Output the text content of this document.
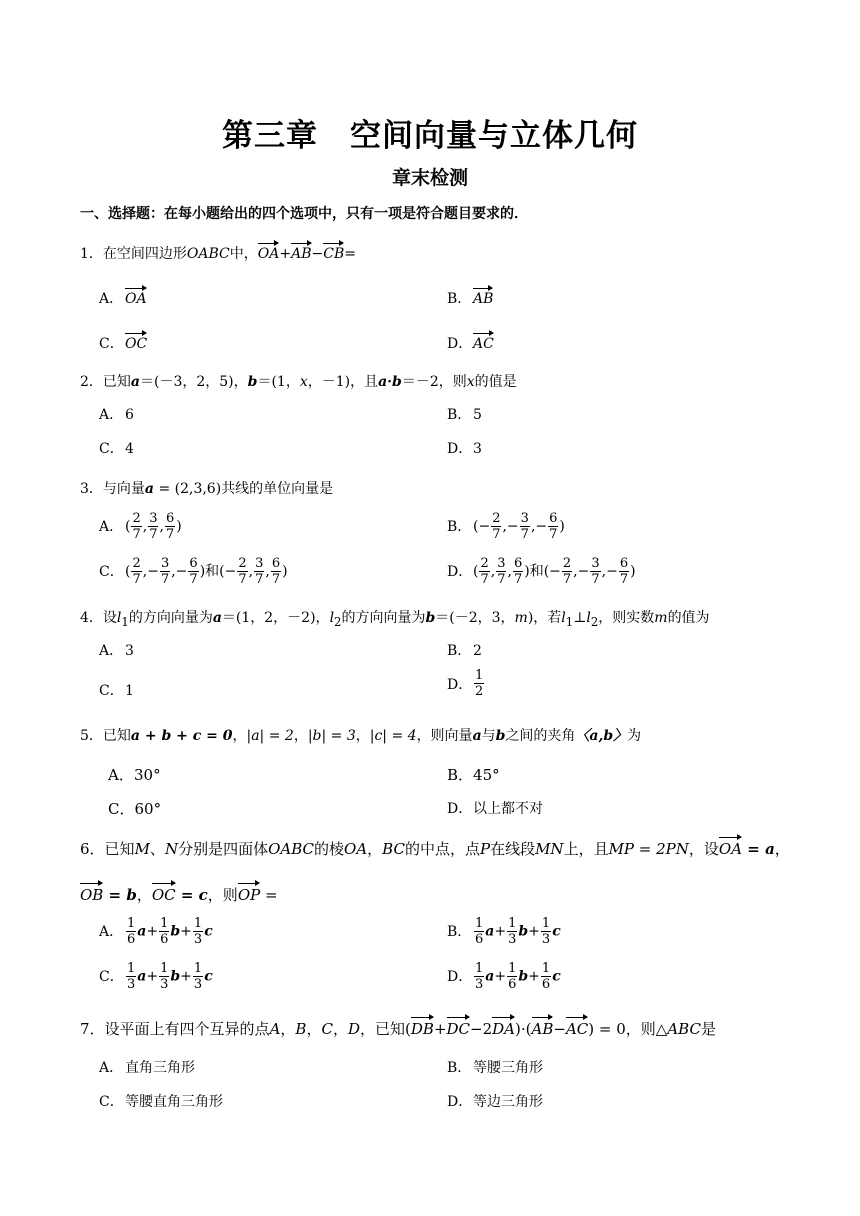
第三章　空间向量与立体几何
章末检测
一、选择题：在每小题给出的四个选项中，只有一项是符合题目要求的．
1．在空间四边形OABC中，OA+AB−CB=
A． OA	B． AB
C．OC	D．AC
2．已知a＝(－3，2，5)，b＝(1，x，－1)，且a·b＝－2，则x的值是
A． 6	B． 5
C．4	D．3
3．与向量a = (2,3,6)共线的单位向量是
A． ( $\frac{2}{7}$ , $\frac{3}{7}$ , $\frac{6}{7}$ )	B． (− $\frac{2}{7}$ ,− $\frac{3}{7}$ ,− $\frac{6}{7}$ )
C．( $\frac{2}{7}$ ,− $\frac{3}{7}$ ,− $\frac{6}{7}$ )和(− $\frac{2}{7}$ , $\frac{3}{7}$ , $\frac{6}{7}$ )	D．( $\frac{2}{7}$ , $\frac{3}{7}$ , $\frac{6}{7}$ )和(− $\frac{2}{7}$ ,− $\frac{3}{7}$ ,− $\frac{6}{7}$ )
4．设$l_1$的方向向量为a＝(1，2，－2)，$l_2$的方向向量为b＝(－2，3，m)，若$l_1\perp l_2$，则实数m的值为
A． 3	B． 2
C．1	D． $\frac{1}{2}$
5．已知a + b + c = 0，|a| = 2，|b| = 3，|c| = 4，则向量a与b之间的夹角〈a,b〉为
A．30°	B．45°
C．60°	D．以上都不对
6．已知M、N分别是四面体OABC的棱OA，BC的中点，点P在线段MN上，且MP = 2PN，设OA = a，
OB = b，OC = c，则OP =
A． $\frac{1}{6} a+ \frac{1}{6} b+ \frac{1}{3}$ c	B． $\frac{1}{6} a+ \frac{1}{3} b+ \frac{1}{3}$ c
C． $\frac{1}{3} a+ \frac{1}{3} b+ \frac{1}{3}$ c	D． $\frac{1}{3} a+ \frac{1}{6} b+ \frac{1}{6}$ c
7．设平面上有四个互异的点A，B，C，D，已知(DB+DC−2DA)·(AB−AC) = 0，则△ABC是
A． 直角三角形	B． 等腰三角形
C．等腰直角三角形	D．等边三角形
